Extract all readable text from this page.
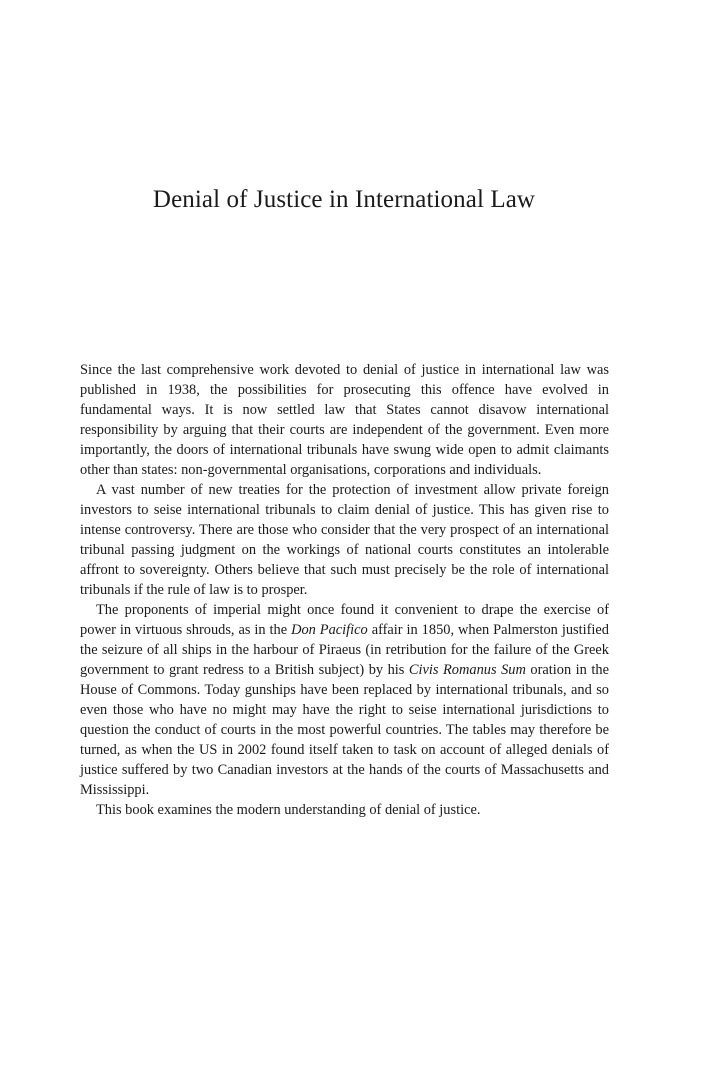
Denial of Justice in International Law

Since the last comprehensive work devoted to denial of justice in international law was published in 1938, the possibilities for prosecuting this offence have evolved in fundamental ways. It is now settled law that States cannot disavow international responsibility by arguing that their courts are independent of the government. Even more importantly, the doors of international tribunals have swung wide open to admit claimants other than states: non-governmental organisations, corporations and individuals.

A vast number of new treaties for the protection of investment allow private foreign investors to seise international tribunals to claim denial of justice. This has given rise to intense controversy. There are those who consider that the very prospect of an international tribunal passing judgment on the workings of national courts constitutes an intolerable affront to sovereignty. Others believe that such must precisely be the role of international tribunals if the rule of law is to prosper.

The proponents of imperial might once found it convenient to drape the exercise of power in virtuous shrouds, as in the Don Pacifico affair in 1850, when Palmerston justified the seizure of all ships in the harbour of Piraeus (in retribution for the failure of the Greek government to grant redress to a British subject) by his Civis Romanus Sum oration in the House of Commons. Today gunships have been replaced by international tribunals, and so even those who have no might may have the right to seise international jurisdictions to question the conduct of courts in the most powerful countries. The tables may therefore be turned, as when the US in 2002 found itself taken to task on account of alleged denials of justice suffered by two Canadian investors at the hands of the courts of Massachusetts and Mississippi.

This book examines the modern understanding of denial of justice.
